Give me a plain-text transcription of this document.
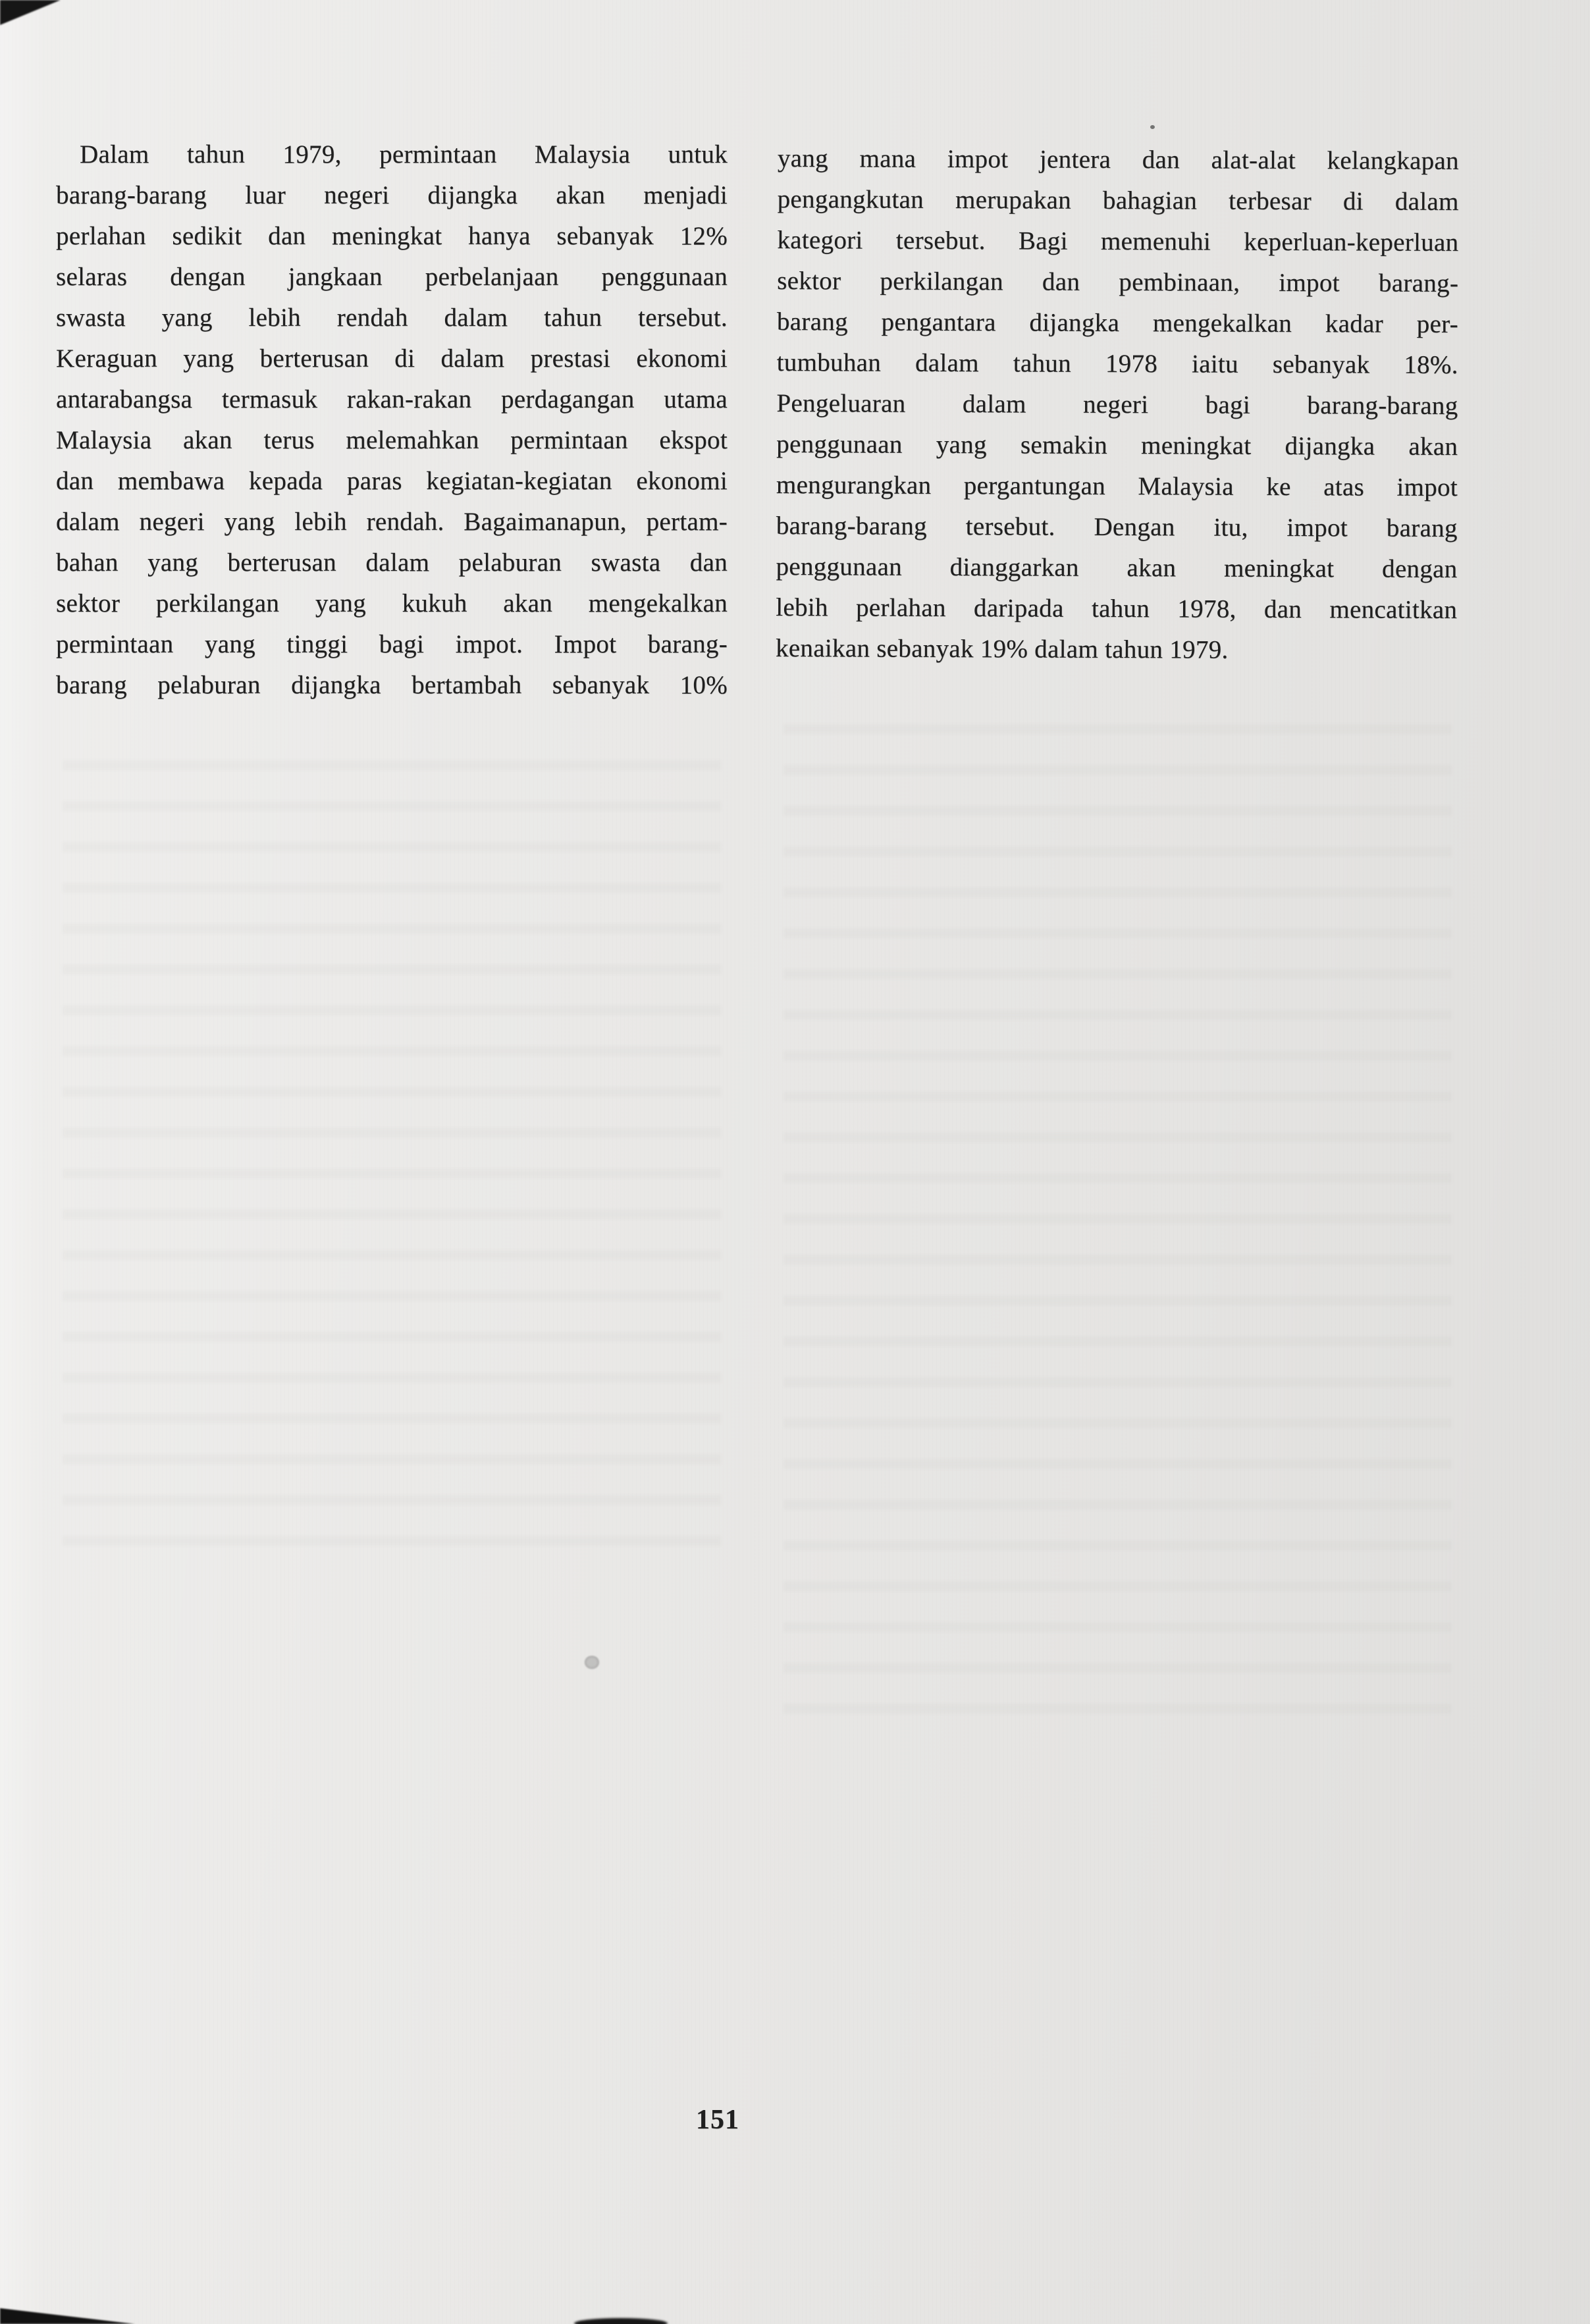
Dalam tahun 1979, permintaan Malaysia untuk
barang-barang luar negeri dijangka akan menjadi
perlahan sedikit dan meningkat hanya sebanyak 12%
selaras dengan jangkaan perbelanjaan penggunaan
swasta yang lebih rendah dalam tahun tersebut.
Keraguan yang berterusan di dalam prestasi ekonomi
antarabangsa termasuk rakan-rakan perdagangan utama
Malaysia akan terus melemahkan permintaan ekspot
dan membawa kepada paras kegiatan-kegiatan ekonomi
dalam negeri yang lebih rendah. Bagaimanapun, pertam-
bahan yang berterusan dalam pelaburan swasta dan
sektor perkilangan yang kukuh akan mengekalkan
permintaan yang tinggi bagi impot. Impot barang-
barang pelaburan dijangka bertambah sebanyak 10%
yang mana impot jentera dan alat-alat kelangkapan
pengangkutan merupakan bahagian terbesar di dalam
kategori tersebut. Bagi memenuhi keperluan-keperluan
sektor perkilangan dan pembinaan, impot barang-
barang pengantara dijangka mengekalkan kadar per-
tumbuhan dalam tahun 1978 iaitu sebanyak 18%.
Pengeluaran dalam negeri bagi barang-barang
penggunaan yang semakin meningkat dijangka akan
mengurangkan pergantungan Malaysia ke atas impot
barang-barang tersebut. Dengan itu, impot barang
penggunaan dianggarkan akan meningkat dengan
lebih perlahan daripada tahun 1978, dan mencatitkan
kenaikan sebanyak 19% dalam tahun 1979.
151
